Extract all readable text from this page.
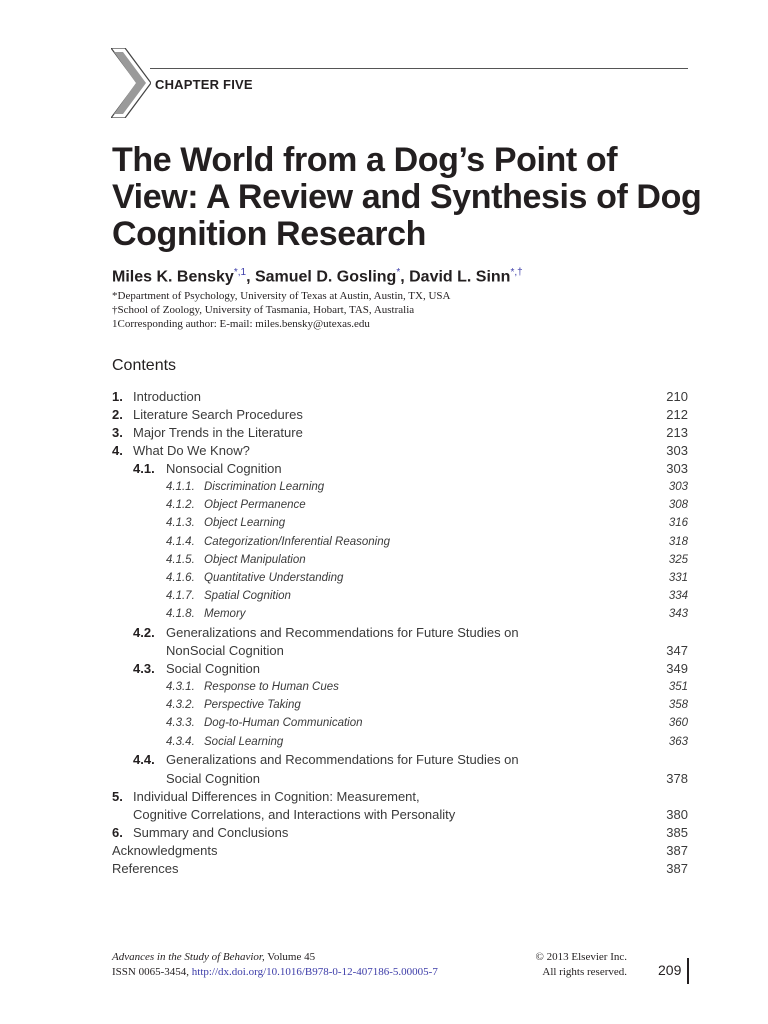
CHAPTER FIVE
The World from a Dog’s Point of View: A Review and Synthesis of Dog Cognition Research
Miles K. Bensky$^{*,1}$, Samuel D. Gosling*, David L. Sinn*,†
*Department of Psychology, University of Texas at Austin, Austin, TX, USA
†School of Zoology, University of Tasmania, Hobart, TAS, Australia
1Corresponding author: E-mail: miles.bensky@utexas.edu
Contents
1. Introduction	210
2. Literature Search Procedures	212
3. Major Trends in the Literature	213
4. What Do We Know?	303
4.1. Nonsocial Cognition	303
4.1.1. Discrimination Learning	303
4.1.2. Object Permanence	308
4.1.3. Object Learning	316
4.1.4. Categorization/Inferential Reasoning	318
4.1.5. Object Manipulation	325
4.1.6. Quantitative Understanding	331
4.1.7. Spatial Cognition	334
4.1.8. Memory	343
4.2. Generalizations and Recommendations for Future Studies on
NonSocial Cognition	347
4.3. Social Cognition	349
4.3.1. Response to Human Cues	351
4.3.2. Perspective Taking	358
4.3.3. Dog-to-Human Communication	360
4.3.4. Social Learning	363
4.4. Generalizations and Recommendations for Future Studies on
Social Cognition	378
5. Individual Differences in Cognition: Measurement,
Cognitive Correlations, and Interactions with Personality	380
6. Summary and Conclusions	385
Acknowledgments	387
References	387
Advances in the Study of Behavior, Volume 45	© 2013 Elsevier Inc.
ISSN 0065-3454, http://dx.doi.org/10.1016/B978-0-12-407186-5.00005-7	All rights reserved. 209
